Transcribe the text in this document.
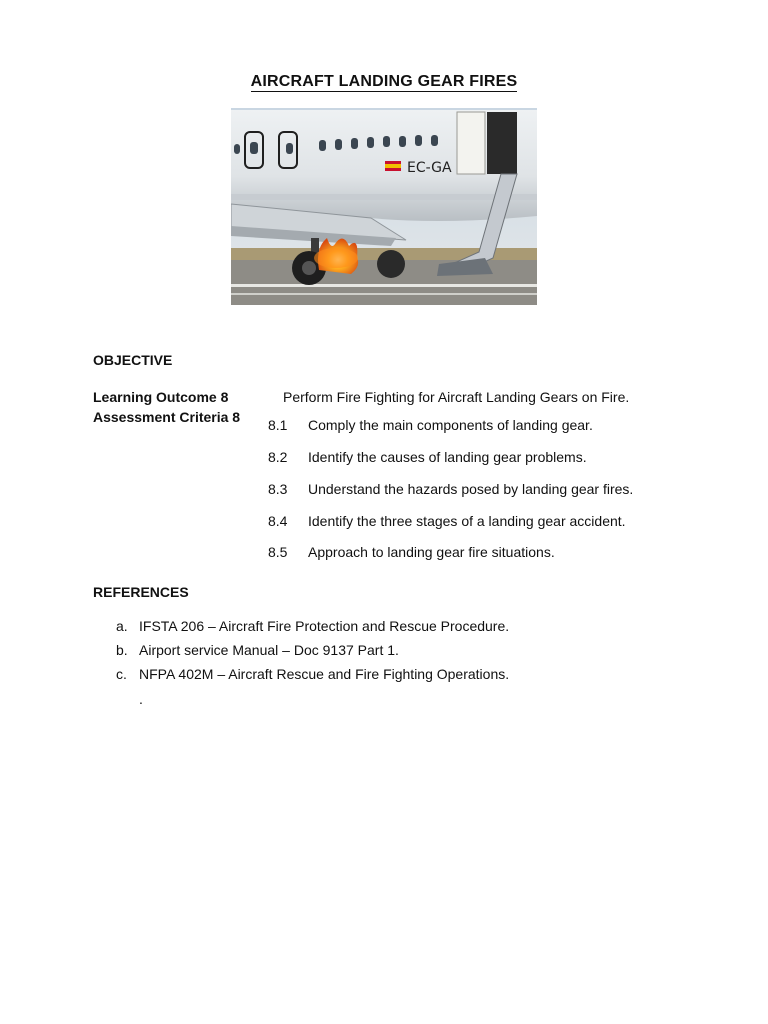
AIRCRAFT LANDING GEAR FIRES
EC-GA
OBJECTIVE
Learning Outcome 8
Assessment Criteria 8
Perform Fire Fighting for Aircraft Landing Gears on Fire.
8.1 Comply the main components of landing gear.
8.2 Identify the causes of landing gear problems.
8.3 Understand the hazards posed by landing gear fires.
8.4 Identify the three stages of a landing gear accident.
8.5 Approach to landing gear fire situations.
REFERENCES
a. IFSTA 206 – Aircraft Fire Protection and Rescue Procedure.
b. Airport service Manual – Doc 9137 Part 1.
c. NFPA 402M – Aircraft Rescue and Fire Fighting Operations.
.
